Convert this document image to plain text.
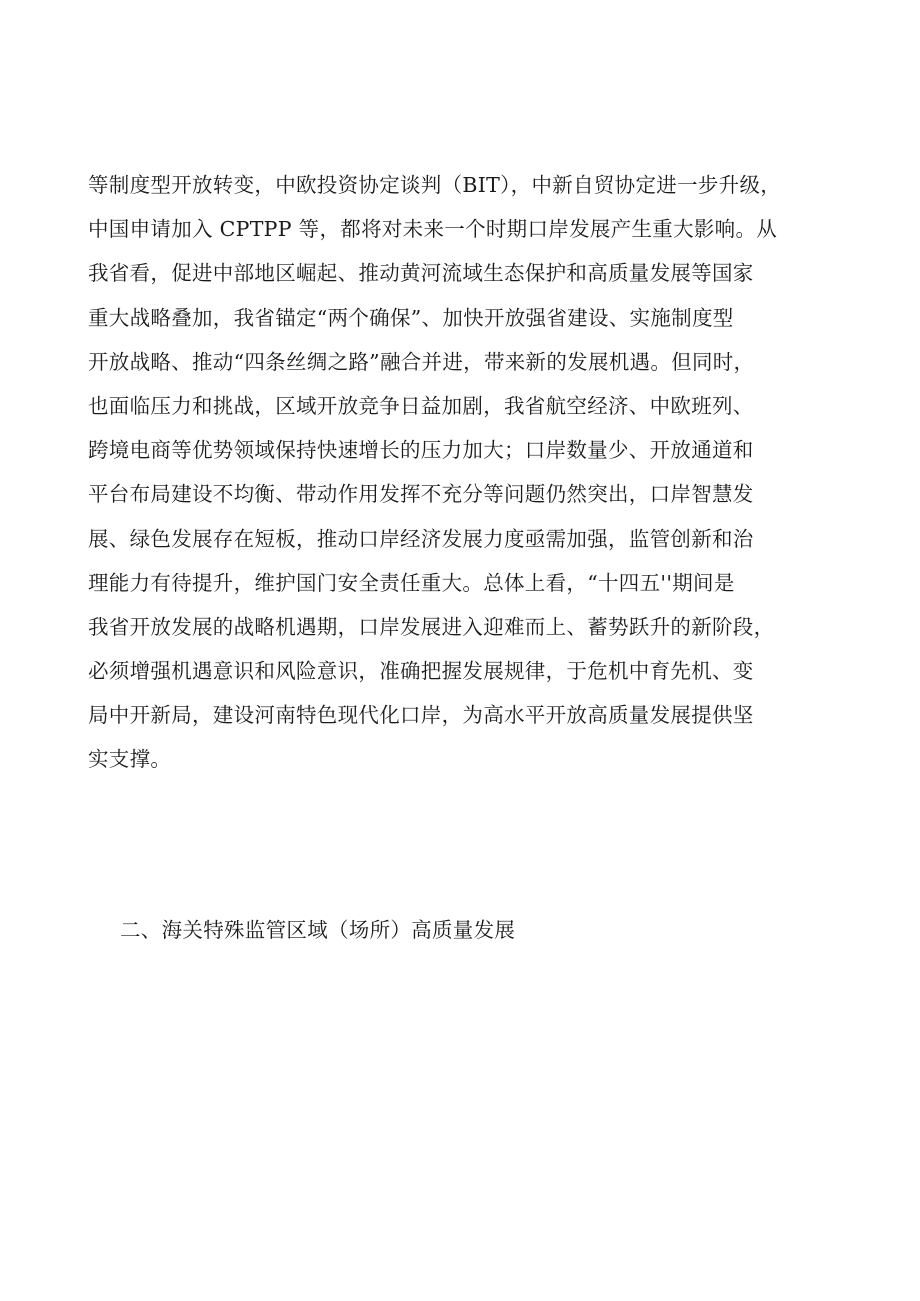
等制度型开放转变，中欧投资协定谈判（BIT），中新自贸协定进一步升级，
中国申请加入 CPTPP 等，都将对未来一个时期口岸发展产生重大影响。从
我省看，促进中部地区崛起、推动黄河流域生态保护和高质量发展等国家
重大战略叠加，我省锚定“两个确保”、加快开放强省建设、实施制度型
开放战略、推动“四条丝绸之路”融合并进，带来新的发展机遇。但同时，
也面临压力和挑战，区域开放竞争日益加剧，我省航空经济、中欧班列、
跨境电商等优势领域保持快速增长的压力加大；口岸数量少、开放通道和
平台布局建设不均衡、带动作用发挥不充分等问题仍然突出，口岸智慧发
展、绿色发展存在短板，推动口岸经济发展力度亟需加强，监管创新和治
理能力有待提升，维护国门安全责任重大。总体上看，“十四五''期间是
我省开放发展的战略机遇期，口岸发展进入迎难而上、蓄势跃升的新阶段，
必须增强机遇意识和风险意识，准确把握发展规律，于危机中育先机、变
局中开新局，建设河南特色现代化口岸，为高水平开放高质量发展提供坚
实支撑。
二、海关特殊监管区域（场所）高质量发展
